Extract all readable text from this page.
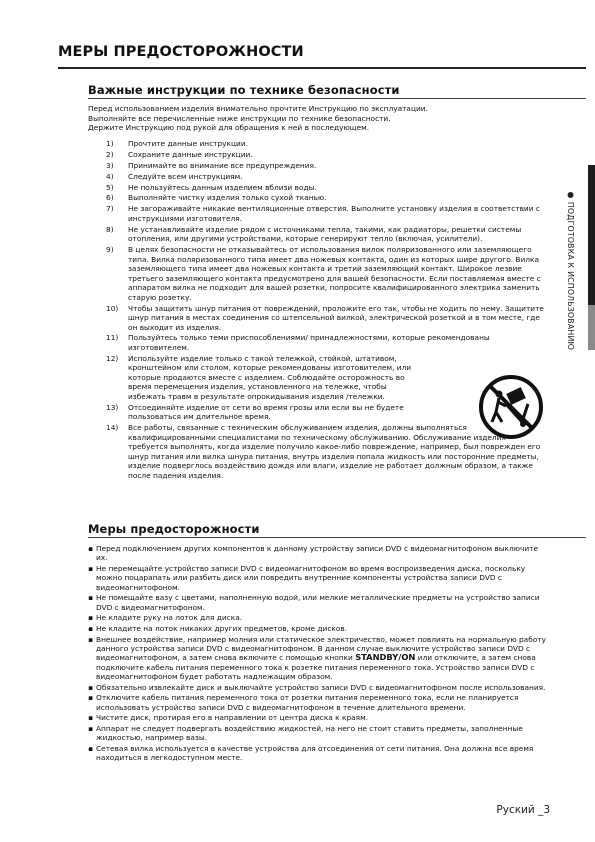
МЕРЫ ПРЕДОСТОРОЖНОСТИ
Важные инструкции по технике безопасности
Перед использованием изделия внимательно прочтите Инструкцию по эксплуатации.
Выполняйте все перечисленные ниже инструкции по технике безопасности.
Держите Инструкцию под рукой для обращения к ней в последующем.
1)	Прочтите данные инструкции.
2)	Сохраните данные инструкции.
3)	Принимайте во внимание все предупреждения.
4)	Следуйте всем инструкциям.
5)	Не пользуйтесь данным изделием вблизи воды.
6)	Выполняйте чистку изделия только сухой тканью.
7)	Не загораживайте никакие вентиляционные отверстия. Выполните установку изделия в соответствии с инструкциями изготовителя.
8)	Не устанавливайте изделие рядом с источниками тепла, такими, как радиаторы, решетки системы отопления, или другими устройствами, которые генерируют тепло (включая, усилители).
9)	В целях безопасности не отказывайтесь от использования вилок поляризованного или заземляющего типа. Вилка поляризованного типа имеет два ножевых контакта, один из которых шире другого. Вилка заземляющего типа имеет два ножевых контакта и третий заземляющий контакт. Широкое лезвие третьего заземляющего контакта предусмотрено для вашей безопасности. Если поставляемая вместе с аппаратом вилка не подходит для вашей розетки, попросите квалифицированного электрика заменить старую розетку.
10)	Чтобы защитить шнур питания от повреждений, проложите его так, чтобы не ходить по нему. Защитите шнур питания в местах соединения со штепсельной вилкой, электрической розеткой и в том месте, где он выходит из изделия.
11)	Пользуйтесь только теми приспособлениями/ принадлежностями, которые рекомендованы изготовителем.
12)	Используйте изделие только с такой тележкой, стойкой, штативом, кронштейном или столом, которые рекомендованы изготовителем, или которые продаются вместе с изделием. Соблюдайте осторожность во время перемещения изделия, установленного на тележке, чтобы избежать травм в результате опрокидывания изделия /тележки.
13)	Отсоединяйте изделие от сети во время грозы или если вы не будете пользоваться им длительное время.
14)	Все работы, связанные с техническим обслуживанием изделия, должны выполняться квалифицированными специалистами по техническому обслуживанию. Обслуживание изделия требуется выполнять, когда изделие получило какое-либо повреждение, например, был поврежден его шнур питания или вилка шнура питания, внутрь изделия попала жидкость или посторонние предметы, изделие подверглось воздействию дождя или влаги, изделие не работает должным образом, а также после падения изделия.
Меры предосторожности
▪ Перед подключением других компонентов к данному устройству записи DVD с видеомагнитофоном выключите их.
▪ Не перемещайте устройство записи DVD с видеомагнитофоном во время воспроизведения диска, поскольку можно поцарапать или разбить диск или повредить внутренние компоненты устройства записи DVD с видеомагнитофоном.
▪ Не помещайте вазу с цветами, наполненную водой, или мелкие металлические предметы на устройство записи DVD с видеомагнитофоном.
▪ Не кладите руку на лоток для диска.
▪ Не кладите на лоток никаких других предметов, кроме дисков.
▪ Внешнее воздействие, например молния или статическое электричество, может повлиять на нормальную работу данного устройства записи DVD с видеомагнитофоном. В данном случае выключите устройство записи DVD с видеомагнитофоном, а затем снова включите с помощью кнопки STANDBY/ON или отключите, а затем снова подключите кабель питания переменного тока к розетке питания переменного тока. Устройство записи DVD с видеомагнитофоном будет работать надлежащим образом.
▪ Обязательно извлекайте диск и выключайте устройство записи DVD с видеомагнитофоном после использования.
▪ Отключите кабель питания переменного тока от розетки питания переменного тока, если не планируется использовать устройство записи DVD с видеомагнитофоном в течение длительного времени.
▪ Чистите диск, протирая его в направлении от центра диска к краям.
▪ Аппарат не следует подвергать воздействию жидкостей, на него не стоит ставить предметы, заполненные жидкостью, например вазы.
▪ Сетевая вилка используется в качестве устройства для отсоединения от сети питания. Она должна все время находиться в легкодоступном месте.
● ПОДГОТОВКА К ИСПОЛЬЗОВАНИЮ
Руский _3
